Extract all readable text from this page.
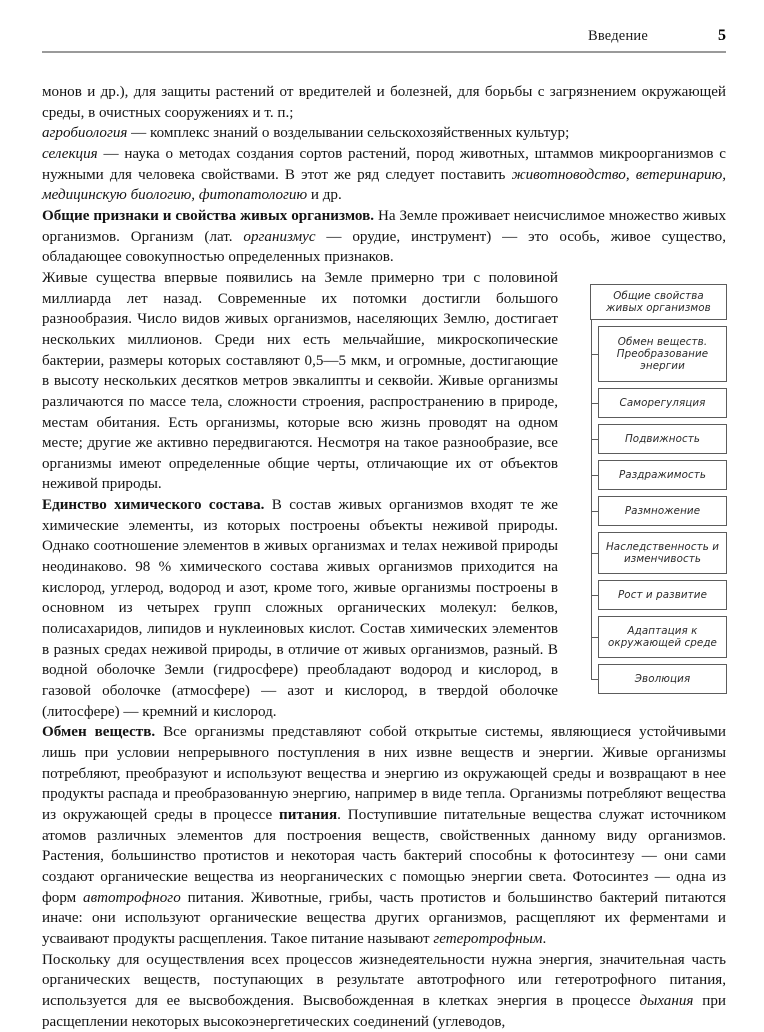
Введение	5

монов и др.), для защиты растений от вредителей и болезней, для борьбы с загрязнением окружающей среды, в очистных сооружениях и т. п.;

агробиология — комплекс знаний о возделывании сельскохозяйственных культур;

селекция — наука о методах создания сортов растений, пород животных, штаммов микроорганизмов с нужными для человека свойствами. В этот же ряд следует поставить животноводство, ветеринарию, медицинскую биологию, фитопатологию и др.

Общие признаки и свойства живых организмов. На Земле проживает неисчислимое множество живых организмов. Организм (лат. организмус — орудие, инструмент) — это особь, живое существо, обладающее совокупностью определенных признаков.

Живые существа впервые появились на Земле примерно три с половиной миллиарда лет назад. Современные их потомки достигли большого разнообразия. Число видов живых организмов, населяющих Землю, достигает нескольких миллионов. Среди них есть мельчайшие, микроскопические бактерии, размеры которых составляют 0,5—5 мкм, и огромные, достигающие в высоту нескольких десятков метров эвкалипты и секвойи. Живые организмы различаются по массе тела, сложности строения, распространению в природе, местам обитания. Есть организмы, которые всю жизнь проводят на одном месте; другие же активно передвигаются. Несмотря на такое разнообразие, все организмы имеют определенные общие черты, отличающие их от объектов неживой природы.

Единство химического состава. В состав живых организмов входят те же химические элементы, из которых построены объекты неживой природы. Однако соотношение элементов в живых организмах и телах неживой природы неодинаково. 98 % химического состава живых организмов приходится на кислород, углерод, водород и азот, кроме того, живые организмы построены в основном из четырех групп сложных органических молекул: белков, полисахаридов, липидов и нуклеиновых кислот. Состав химических элементов в разных средах неживой природы, в отличие от живых организмов, разный. В водной оболочке Земли (гидросфере) преобладают водород и кислород, в газовой оболочке (атмосфере) — азот и кислород, в твердой оболочке (литосфере) — кремний и кислород.

Обмен веществ. Все организмы представляют собой открытые системы, являющиеся устойчивыми лишь при условии непрерывного поступления в них извне веществ и энергии. Живые организмы потребляют, преобразуют и используют вещества и энергию из окружающей среды и возвращают в нее продукты распада и преобразованную энергию, например в виде тепла. Организмы потребляют вещества из окружающей среды в процессе питания. Поступившие питательные вещества служат источником атомов различных элементов для построения веществ, свойственных данному виду организмов. Растения, большинство протистов и некоторая часть бактерий способны к фотосинтезу — они сами создают органические вещества из неорганических с помощью энергии света. Фотосинтез — одна из форм автотрофного питания. Животные, грибы, часть протистов и большинство бактерий питаются иначе: они используют органические вещества других организмов, расщепляют их ферментами и усваивают продукты расщепления. Такое питание называют гетеротрофным.

Поскольку для осуществления всех процессов жизнедеятельности нужна энергия, значительная часть органических веществ, поступающих в результате автотрофного или гетеротрофного питания, используется для ее высвобождения. Высвобожденная в клетках энергия в процессе дыхания при расщеплении некоторых высокоэнергетических соединений (углеводов,

Общие свойства живых организмов
Обмен веществ. Преобразование энергии
Саморегуляция
Подвижность
Раздражимость
Размножение
Наследственность и изменчивость
Рост и развитие
Адаптация к окружающей среде
Эволюция
